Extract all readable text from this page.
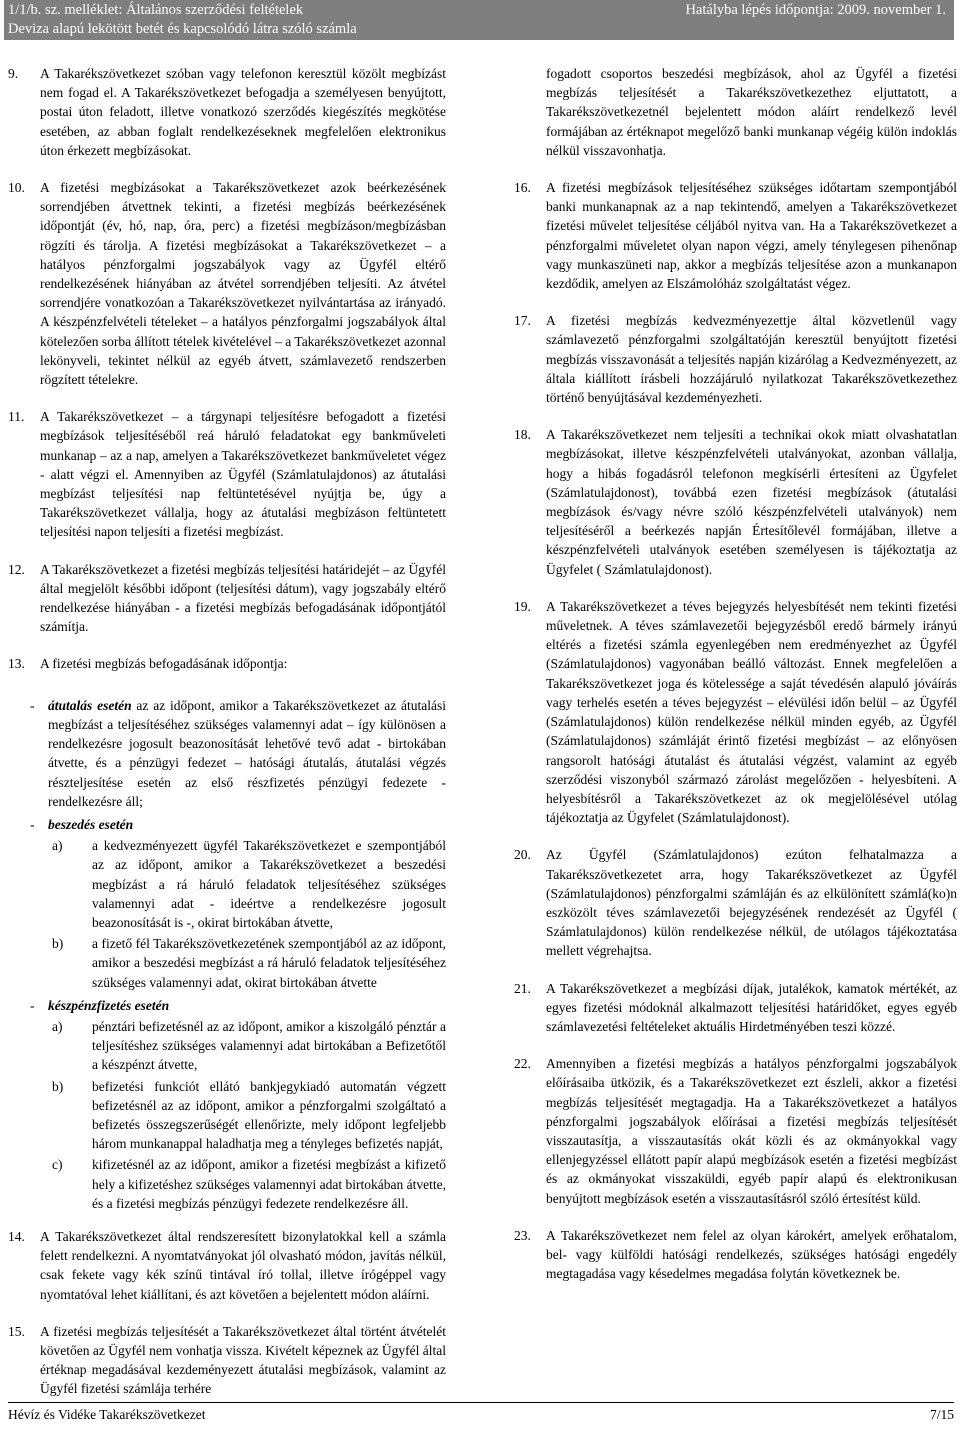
1/1/b. sz. melléklet: Általános szerződési feltételek	Hatályba lépés időpontja: 2009. november 1.
Deviza alapú lekötött betét és kapcsolódó látra szóló számla
9. A Takarékszövetkezet szóban vagy telefonon keresztül közölt megbízást nem fogad el. A Takarékszövetkezet befogadja a személyesen benyújtott, postai úton feladott, illetve vonatkozó szerződés kiegészítés megkötése esetében, az abban foglalt rendelkezéseknek megfelelően elektronikus úton érkezett megbízásokat.

10. A fizetési megbízásokat a Takarékszövetkezet azok beérkezésének sorrendjében átvettnek tekinti, a fizetési megbízás beérkezésének időpontját (év, hó, nap, óra, perc) a fizetési megbízáson/megbízásban rögzíti és tárolja. A fizetési megbízásokat a Takarékszövetkezet – a hatályos pénzforgalmi jogszabályok vagy az Ügyfél eltérő rendelkezésének hiányában az átvétel sorrendjében teljesíti. Az átvétel sorrendjére vonatkozóan a Takarékszövetkezet nyilvántartása az irányadó. A készpénzfelvételi tételeket – a hatályos pénzforgalmi jogszabályok által kötelezően sorba állított tételek kivételével – a Takarékszövetkezet azonnal lekönyveli, tekintet nélkül az egyéb átvett, számlavezető rendszerben rögzített tételekre.

11. A Takarékszövetkezet – a tárgynapi teljesítésre befogadott a fizetési megbízások teljesítéséből reá háruló feladatokat egy bankműveleti munkanap – az a nap, amelyen a Takarékszövetkezet bankműveletet végez - alatt végzi el. Amennyiben az Ügyfél (Számlatulajdonos) az átutalási megbízást teljesítési nap feltüntetésével nyújtja be, úgy a Takarékszövetkezet vállalja, hogy az átutalási megbízáson feltüntetett teljesítési napon teljesíti a fizetési megbízást.

12. A Takarékszövetkezet a fizetési megbízás teljesítési határidejét – az Ügyfél által megjelölt későbbi időpont (teljesítési dátum), vagy jogszabály eltérő rendelkezése hiányában - a fizetési megbízás befogadásának időpontjától számítja.

13. A fizetési megbízás befogadásának időpontja:

- átutalás esetén az az időpont, amikor a Takarékszövetkezet az átutalási megbízást a teljesítéséhez szükséges valamennyi adat – így különösen a rendelkezésre jogosult beazonosítását lehetővé tevő adat - birtokában átvette, és a pénzügyi fedezet – hatósági átutalás, átutalási végzés részteljesítése esetén az első részfizetés pénzügyi fedezete - rendelkezésre áll;
- beszedés esetén
a) a kedvezményezett ügyfél Takarékszövetkezet e szempontjából az az időpont, amikor a Takarékszövetkezet a beszedési megbízást a rá háruló feladatok teljesítéséhez szükséges valamennyi adat - ideértve a rendelkezésre jogosult beazonosítását is -, okirat birtokában átvette,
b) a fizető fél Takarékszövetkezetének szempontjából az az időpont, amikor a beszedési megbízást a rá háruló feladatok teljesítéséhez szükséges valamennyi adat, okirat birtokában átvette
- készpénzfizetés esetén
a) pénztári befizetésnél az az időpont, amikor a kiszolgáló pénztár a teljesítéshez szükséges valamennyi adat birtokában a Befizetőtől a készpénzt átvette,
b) befizetési funkciót ellátó bankjegykiadó automatán végzett befizetésnél az az időpont, amikor a pénzforgalmi szolgáltató a befizetés összegszerűségét ellenőrizte, mely időpont legfeljebb három munkanappal haladhatja meg a tényleges befizetés napját,
c) kifizetésnél az az időpont, amikor a fizetési megbízást a kifizető hely a kifizetéshez szükséges valamennyi adat birtokában átvette, és a fizetési megbízás pénzügyi fedezete rendelkezésre áll.
14. A Takarékszövetkezet által rendszeresített bizonylatokkal kell a számla felett rendelkezni. A nyomtatványokat jól olvasható módon, javítás nélkül, csak fekete vagy kék színű tintával író tollal, illetve írógéppel vagy nyomtatóval lehet kiállítani, és azt követően a bejelentett módon aláírni.

15. A fizetési megbízás teljesítését a Takarékszövetkezet által történt átvételét követően az Ügyfél nem vonhatja vissza. Kivételt képeznek az Ügyfél által értéknap megadásával kezdeményezett átutalási megbízások, valamint az Ügyfél fizetési számlája terhére

fogadott csoportos beszedési megbízások, ahol az Ügyfél a fizetési megbízás teljesítését a Takarékszövetkezethez eljuttatott, a Takarékszövetkezetnél bejelentett módon aláírt rendelkező levél formájában az értéknapot megelőző banki munkanap végéig külön indoklás nélkül visszavonhatja.

16. A fizetési megbízások teljesítéséhez szükséges időtartam szempontjából banki munkanapnak az a nap tekintendő, amelyen a Takarékszövetkezet fizetési művelet teljesítése céljából nyitva van. Ha a Takarékszövetkezet a pénzforgalmi műveletet olyan napon végzi, amely ténylegesen pihenőnap vagy munkaszüneti nap, akkor a megbízás teljesítése azon a munkanapon kezdődik, amelyen az Elszámolóház szolgáltatást végez.

17. A fizetési megbízás kedvezményezettje által közvetlenül vagy számlavezető pénzforgalmi szolgáltatóján keresztül benyújtott fizetési megbízás visszavonását a teljesítés napján kizárólag a Kedvezményezett, az általa kiállított írásbeli hozzájáruló nyilatkozat Takarékszövetkezethez történő benyújtásával kezdeményezheti.

18. A Takarékszövetkezet nem teljesíti a technikai okok miatt olvashatatlan megbízásokat, illetve készpénzfelvételi utalványokat, azonban vállalja, hogy a hibás fogadásról telefonon megkísérli értesíteni az Ügyfelet (Számlatulajdonost), továbbá ezen fizetési megbízások (átutalási megbízások és/vagy névre szóló készpénzfelvételi utalványok) nem teljesítéséről a beérkezés napján Értesítőlevél formájában, illetve a készpénzfelvételi utalványok esetében személyesen is tájékoztatja az Ügyfelet ( Számlatulajdonost).

19. A Takarékszövetkezet a téves bejegyzés helyesbítését nem tekinti fizetési műveletnek. A téves számlavezetői bejegyzésből eredő bármely irányú eltérés a fizetési számla egyenlegében nem eredményezhet az Ügyfél (Számlatulajdonos) vagyonában beálló változást. Ennek megfelelően a Takarékszövetkezet joga és kötelessége a saját tévedésén alapuló jóváírás vagy terhelés esetén a téves bejegyzést – elévülési időn belül – az Ügyfél (Számlatulajdonos) külön rendelkezése nélkül minden egyéb, az Ügyfél (Számlatulajdonos) számláját érintő fizetési megbízást – az előnyösen rangsorolt hatósági átutalást és átutalási végzést, valamint az egyéb szerződési viszonyból származó zárolást megelőzően - helyesbíteni. A helyesbítésről a Takarékszövetkezet az ok megjelölésével utólag tájékoztatja az Ügyfelet (Számlatulajdonost).

20. Az Ügyfél (Számlatulajdonos) ezúton felhatalmazza a Takarékszövetkezetet arra, hogy Takarékszövetkezet az Ügyfél (Számlatulajdonos) pénzforgalmi számláján és az elkülönített számlá(ko)n eszközölt téves számlavezetői bejegyzésének rendezését az Ügyfél ( Számlatulajdonos) külön rendelkezése nélkül, de utólagos tájékoztatása mellett végrehajtsa.

21. A Takarékszövetkezet a megbízási díjak, jutalékok, kamatok mértékét, az egyes fizetési módoknál alkalmazott teljesítési határidőket, egyes egyéb számlavezetési feltételeket aktuális Hirdetményében teszi közzé.

22. Amennyiben a fizetési megbízás a hatályos pénzforgalmi jogszabályok előírásaiba ütközik, és a Takarékszövetkezet ezt észleli, akkor a fizetési megbízás teljesítését megtagadja. Ha a Takarékszövetkezet a hatályos pénzforgalmi jogszabályok előírásai a fizetési megbízás teljesítését visszautasítja, a visszautasítás okát közli és az okmányokkal vagy ellenjegyzéssel ellátott papír alapú megbízások esetén a fizetési megbízást és az okmányokat visszaküldi, egyéb papír alapú és elektronikusan benyújtott megbízások esetén a visszautasításról szóló értesítést küld.

23. A Takarékszövetkezet nem felel az olyan károkért, amelyek erőhatalom, bel- vagy külföldi hatósági rendelkezés, szükséges hatósági engedély megtagadása vagy késedelmes megadása folytán következnek be.

Hévíz és Vidéke Takarékszövetkezet	7/15
